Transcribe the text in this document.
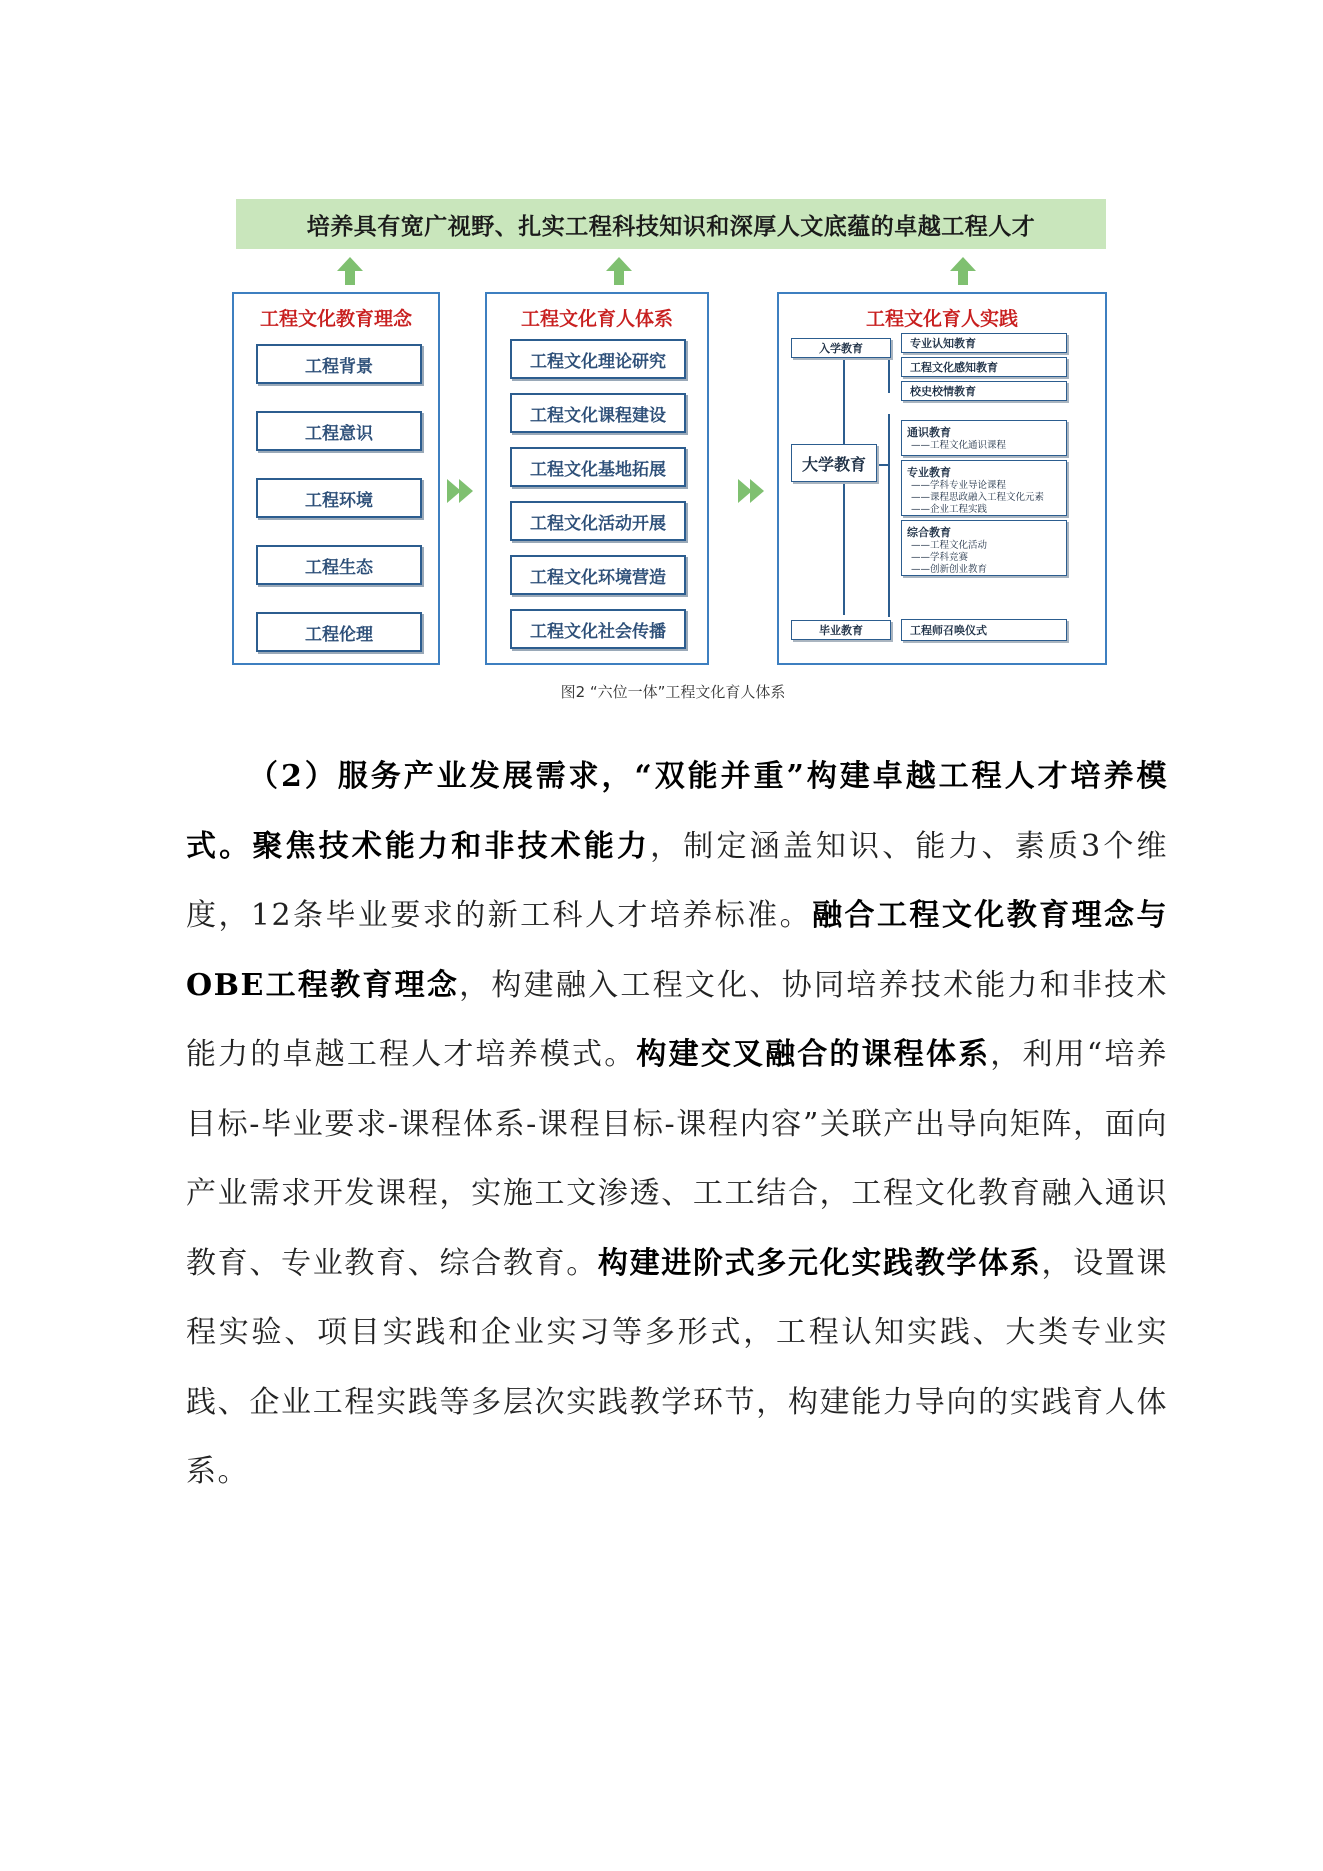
培养具有宽广视野、扎实工程科技知识和深厚人文底蕴的卓越工程人才
工程文化教育理念
工程背景
工程意识
工程环境
工程生态
工程伦理
工程文化育人体系
工程文化理论研究
工程文化课程建设
工程文化基地拓展
工程文化活动开展
工程文化环境营造
工程文化社会传播
工程文化育人实践
入学教育
大学教育
毕业教育
专业认知教育
工程文化感知教育
校史校情教育
通识教育
——工程文化通识课程
专业教育
——学科专业导论课程
——课程思政融入工程文化元素
——企业工程实践
综合教育
——工程文化活动
——学科竞赛
——创新创业教育
工程师召唤仪式
图2 “六位一体”工程文化育人体系

（2）服务产业发展需求，“双能并重”构建卓越工程人才培养模式。聚焦技术能力和非技术能力，制定涵盖知识、能力、素质3个维度，12条毕业要求的新工科人才培养标准。融合工程文化教育理念与OBE工程教育理念，构建融入工程文化、协同培养技术能力和非技术能力的卓越工程人才培养模式。构建交叉融合的课程体系，利用“培养目标-毕业要求-课程体系-课程目标-课程内容”关联产出导向矩阵，面向产业需求开发课程，实施工文渗透、工工结合，工程文化教育融入通识教育、专业教育、综合教育。构建进阶式多元化实践教学体系，设置课程实验、项目实践和企业实习等多形式，工程认知实践、大类专业实践、企业工程实践等多层次实践教学环节，构建能力导向的实践育人体系。
